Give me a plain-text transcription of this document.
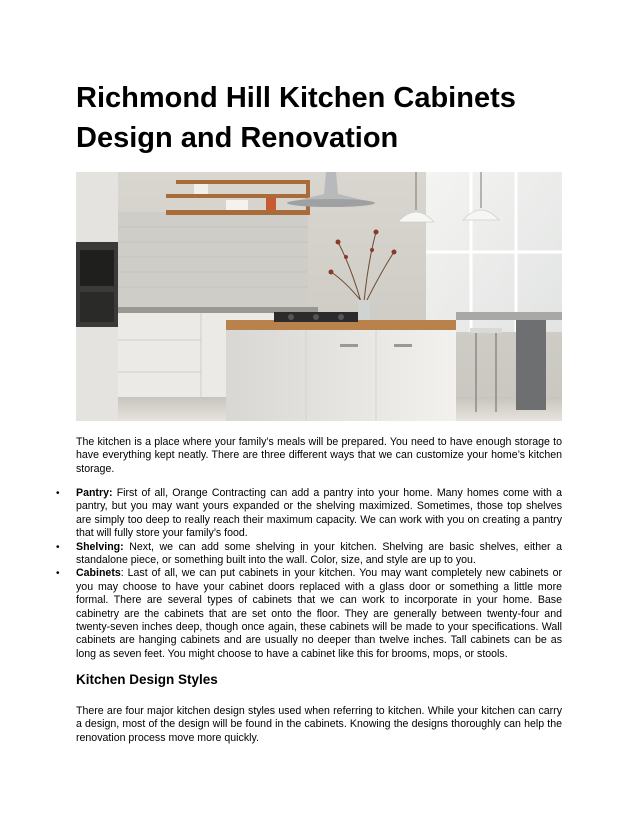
Richmond Hill Kitchen Cabinets Design and Renovation

The kitchen is a place where your family’s meals will be prepared. You need to have enough storage to have everything kept neatly. There are three different ways that we can customize your home’s kitchen storage.

• Pantry: First of all, Orange Contracting can add a pantry into your home. Many homes come with a pantry, but you may want yours expanded or the shelving maximized. Sometimes, those top shelves are simply too deep to really reach their maximum capacity. We can work with you on creating a pantry that will fully store your family’s food.
• Shelving: Next, we can add some shelving in your kitchen. Shelving are basic shelves, either a standalone piece, or something built into the wall. Color, size, and style are up to you.
• Cabinets: Last of all, we can put cabinets in your kitchen. You may want completely new cabinets or you may choose to have your cabinet doors replaced with a glass door or something a little more formal. There are several types of cabinets that we can work to incorporate in your home. Base cabinetry are the cabinets that are set onto the floor. They are generally between twenty-four and twenty-seven inches deep, though once again, these cabinets will be made to your specifications. Wall cabinets are hanging cabinets and are usually no deeper than twelve inches. Tall cabinets can be as long as seven feet. You might choose to have a cabinet like this for brooms, mops, or stools.
Kitchen Design Styles

There are four major kitchen design styles used when referring to kitchen. While your kitchen can carry a design, most of the design will be found in the cabinets. Knowing the designs thoroughly can help the renovation process move more quickly.
